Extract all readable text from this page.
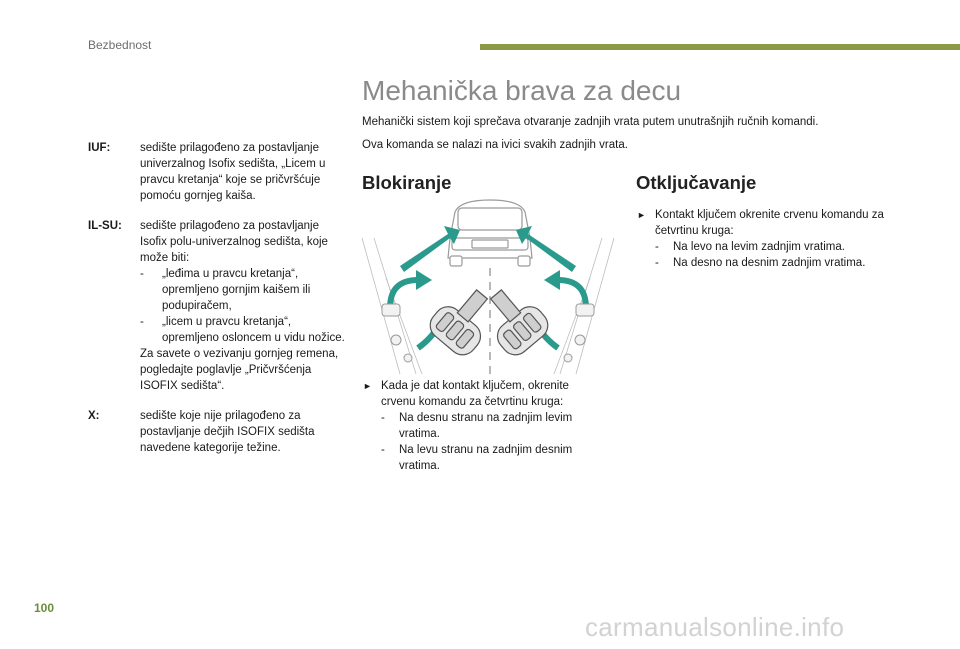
Bezbednost
IUF:	sedište prilagođeno za postavljanje univerzalnog Isofix sedišta, „Licem u pravcu kretanja“ koje se pričvršćuje pomoću gornjeg kaiša.

IL-SU:	sedište prilagođeno za postavljanje Isofix polu-univerzalnog sedišta, koje može biti:

-	„leđima u pravcu kretanja“, opremljeno gornjim kaišem ili podupiračem,
-	„licem u pravcu kretanja“, opremljeno osloncem u vidu nožice.

Za savete o vezivanju gornjeg remena, pogledajte poglavlje „Pričvršćenja ISOFIX sedišta“.

X:	sedište koje nije prilagođeno za postavljanje dečjih ISOFIX sedišta navedene kategorije težine.

Mehanička brava za decu
Mehanički sistem koji sprečava otvaranje zadnjih vrata putem unutrašnjih ručnih komandi.
Ova komanda se nalazi na ivici svakih zadnjih vrata.
Blokiranje	Otključavanje
► Kada je dat kontakt ključem, okrenite crvenu komandu za četvrtinu kruga:
-	Na desnu stranu na zadnjim levim vratima.
-	Na levu stranu na zadnjim desnim vratima.
► Kontakt ključem okrenite crvenu komandu za četvrtinu kruga:
-	Na levo na levim zadnjim vratima.
-	Na desno na desnim zadnjim vratima.
100
carmanualsonline.info
